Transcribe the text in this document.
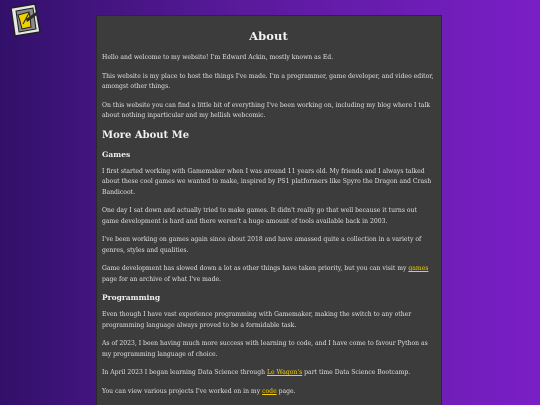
About

Hello and welcome to my website! I'm Edward Ackin, mostly known as Ed.

This website is my place to host the things I've made. I'm a programmer, game developer, and video editor, amongst other things.

On this website you can find a little bit of everything I've been working on, including my blog where I talk about nothing inparticular and my hellish webcomic.

More About Me
Games

I first started working with Gamemaker when I was around 11 years old. My friends and I always talked about these cool games we wanted to make, inspired by PS1 platformers like Spyro the Dragon and Crash Bandicoot.

One day I sat down and actually tried to make games. It didn't really go that well because it turns out game development is hard and there weren't a huge amount of tools available back in 2003.

I've been working on games again since about 2018 and have amassed quite a collection in a variety of genres, styles and qualities.

Game development has slowed down a lot as other things have taken priority, but you can visit my games page for an archive of what I've made.

Programming

Even though I have vast experience programming with Gamemaker, making the switch to any other programming language always proved to be a formidable task.

As of 2023, I been having much more success with learning to code, and I have come to favour Python as my programming language of choice.

In April 2023 I began learning Data Science through Le Wagon's part time Data Science Bootcamp.

You can view various projects I've worked on in my code page.
